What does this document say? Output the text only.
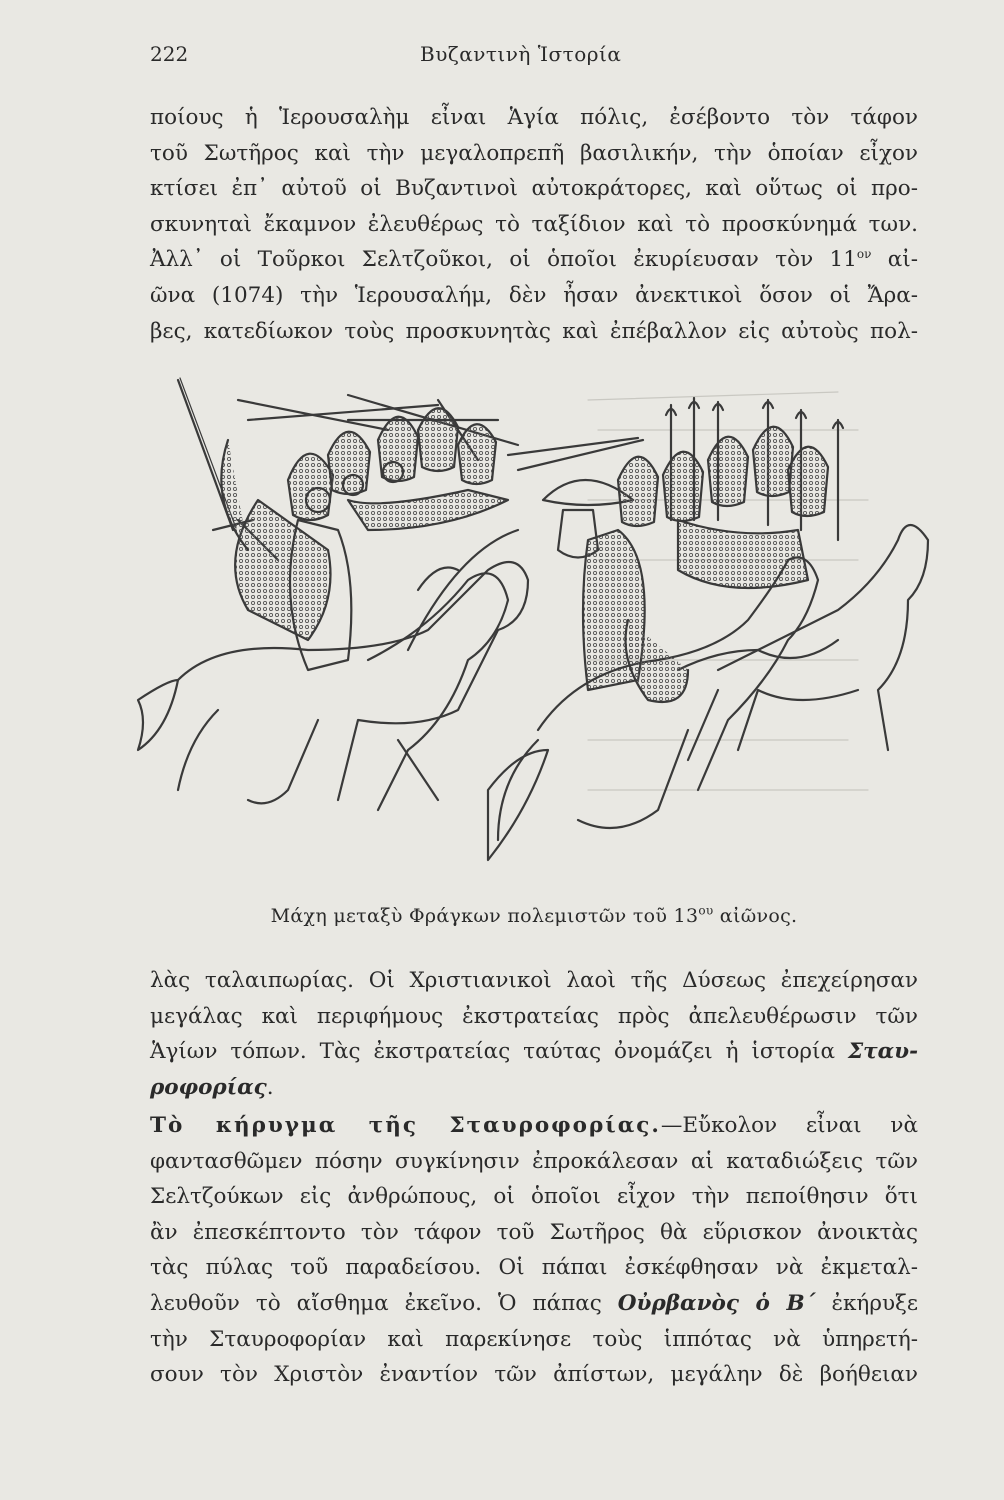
222	Βυζαντινὴ Ἱστορία
ποίους ἡ Ἱερουσαλὴμ εἶναι Ἁγία πόλις, ἐσέβοντο τὸν τάφον
τοῦ Σωτῆρος καὶ τὴν μεγαλοπρεπῆ βασιλικήν, τὴν ὁποίαν εἶχον
κτίσει ἐπ᾽ αὐτοῦ οἱ Βυζαντινοὶ αὐτοκράτορες, καὶ οὕτως οἱ προ-
σκυνηταὶ ἔκαμνον ἐλευθέρως τὸ ταξίδιον καὶ τὸ προσκύνημά των.
Ἀλλ᾽ οἱ Τοῦρκοι Σελτζοῦκοι, οἱ ὁποῖοι ἐκυρίευσαν τὸν $11^{o\nu}$ αἰ-
ῶνα (1074) τὴν Ἱερουσαλήμ, δὲν ἦσαν ἀνεκτικοὶ ὅσον οἱ Ἄρα-
βες, κατεδίωκον τοὺς προσκυνητὰς καὶ ἐπέβαλλον εἰς αὐτοὺς πολ-
Μάχη μεταξὺ Φράγκων πολεμιστῶν τοῦ $13^{o\upsilon}$ αἰῶνος.
λὰς ταλαιπωρίας. Οἱ Χριστιανικοὶ λαοὶ τῆς Δύσεως ἐπεχείρησαν
μεγάλας καὶ περιφήμους ἐκστρατείας πρὸς ἀπελευθέρωσιν τῶν
Ἁγίων τόπων. Τὰς ἐκστρατείας ταύτας ὀνομάζει ἡ ἱστορία Σταυ-
ροφορίας.
Τὸ κήρυγμα τῆς Σταυροφορίας.—Εὔκολον εἶναι νὰ
φαντασθῶμεν πόσην συγκίνησιν ἐπροκάλεσαν αἱ καταδιώξεις τῶν
Σελτζούκων εἰς ἀνθρώπους, οἱ ὁποῖοι εἶχον τὴν πεποίθησιν ὅτι
ἂν ἐπεσκέπτοντο τὸν τάφον τοῦ Σωτῆρος θὰ εὕρισκον ἀνοικτὰς
τὰς πύλας τοῦ παραδείσου. Οἱ πάπαι ἐσκέφθησαν νὰ ἐκμεταλ-
λευθοῦν τὸ αἴσθημα ἐκεῖνο. Ὁ πάπας Οὐρβανὸς ὁ Β´ ἐκήρυξε
τὴν Σταυροφορίαν καὶ παρεκίνησε τοὺς ἱππότας νὰ ὑπηρετή-
σουν τὸν Χριστὸν ἐναντίον τῶν ἀπίστων, μεγάλην δὲ βοήθειαν
